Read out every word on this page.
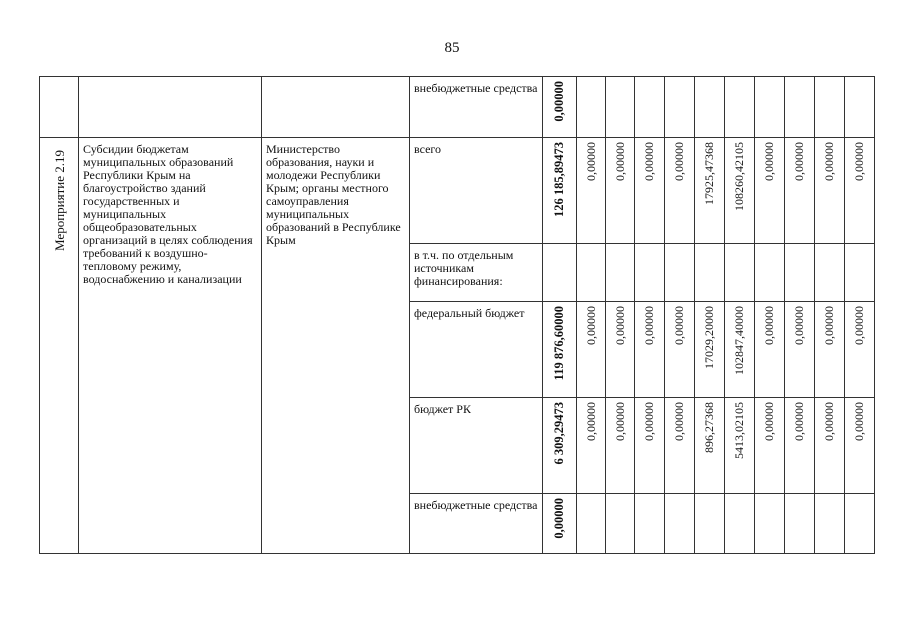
85

			внебюджетные средства	0,00000										

Мероприятие 2.19	Субсидии бюджетам муниципальных образований Республики Крым на благоустройство зданий государственных и муниципальных общеобразовательных организаций в целях соблюдения требований к воздушно-тепловому режиму, водоснабжению и канализации	Министерство образования, науки и молодежи Республики Крым; органы местного самоуправления муниципальных образований в Республике Крым	всего	126 185,89473	0,00000	0,00000	0,00000	0,00000	17925,47368	108260,42105	0,00000	0,00000	0,00000	0,00000

			в т.ч. по отдельным источникам финансирования:											

			федеральный бюджет	119 876,60000	0,00000	0,00000	0,00000	0,00000	17029,20000	102847,40000	0,00000	0,00000	0,00000	0,00000

			бюджет РК	6 309,29473	0,00000	0,00000	0,00000	0,00000	896,27368	5413,02105	0,00000	0,00000	0,00000	0,00000

			внебюджетные средства	0,00000										
